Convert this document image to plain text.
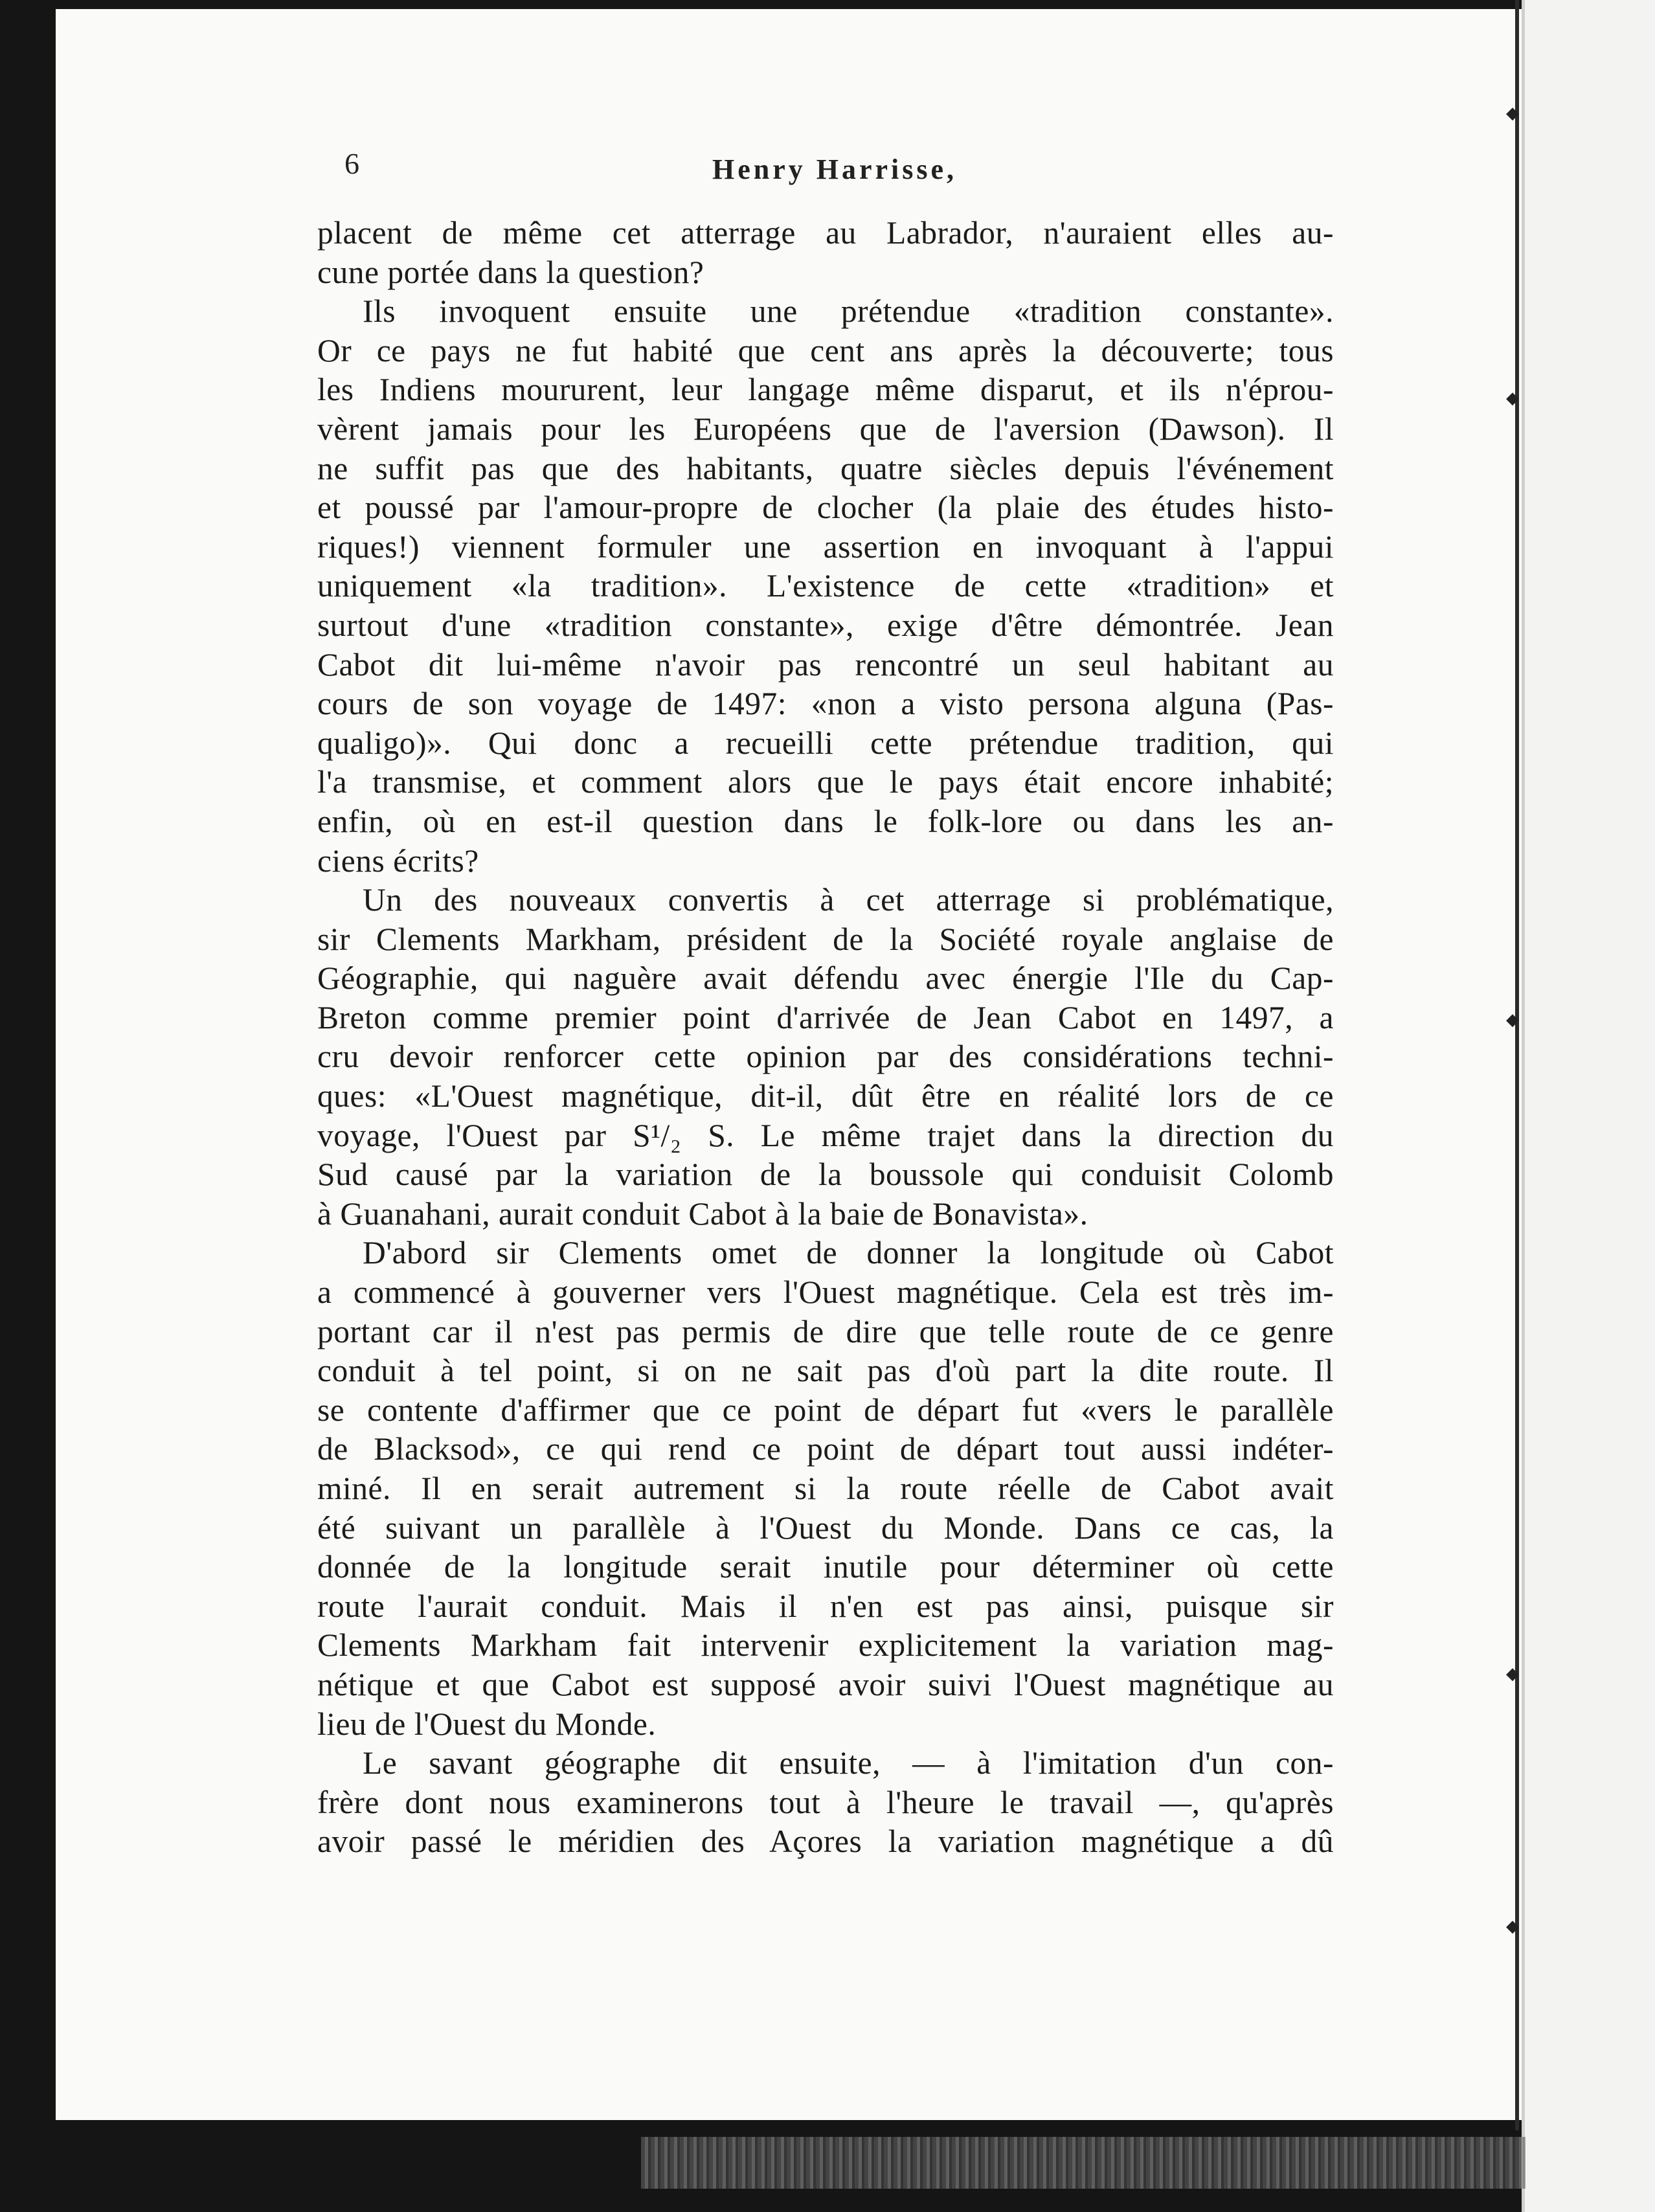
◆
◆
◆
◆
◆
6	Henry Harrisse,
placent de même cet atterrage au Labrador, n'auraient elles au-
cune portée dans la question?
Ils invoquent ensuite une prétendue «tradition constante».
Or ce pays ne fut habité que cent ans après la découverte; tous
les Indiens moururent, leur langage même disparut, et ils n'éprou-
vèrent jamais pour les Européens que de l'aversion (Dawson). Il
ne suffit pas que des habitants, quatre siècles depuis l'événement
et poussé par l'amour-propre de clocher (la plaie des études histo-
riques!) viennent formuler une assertion en invoquant à l'appui
uniquement «la tradition». L'existence de cette «tradition» et
surtout d'une «tradition constante», exige d'être démontrée. Jean
Cabot dit lui-même n'avoir pas rencontré un seul habitant au
cours de son voyage de 1497: «non a visto persona alguna (Pas-
qualigo)». Qui donc a recueilli cette prétendue tradition, qui
l'a transmise, et comment alors que le pays était encore inhabité;
enfin, où en est-il question dans le folk-lore ou dans les an-
ciens écrits?
Un des nouveaux convertis à cet atterrage si problématique,
sir Clements Markham, président de la Société royale anglaise de
Géographie, qui naguère avait défendu avec énergie l'Ile du Cap-
Breton comme premier point d'arrivée de Jean Cabot en 1497, a
cru devoir renforcer cette opinion par des considérations techni-
ques: «L'Ouest magnétique, dit-il, dût être en réalité lors de ce
voyage, l'Ouest par S¹/₂ S. Le même trajet dans la direction du
Sud causé par la variation de la boussole qui conduisit Colomb
à Guanahani, aurait conduit Cabot à la baie de Bonavista».
D'abord sir Clements omet de donner la longitude où Cabot
a commencé à gouverner vers l'Ouest magnétique. Cela est très im-
portant car il n'est pas permis de dire que telle route de ce genre
conduit à tel point, si on ne sait pas d'où part la dite route. Il
se contente d'affirmer que ce point de départ fut «vers le parallèle
de Blacksod», ce qui rend ce point de départ tout aussi indéter-
miné. Il en serait autrement si la route réelle de Cabot avait
été suivant un parallèle à l'Ouest du Monde. Dans ce cas, la
donnée de la longitude serait inutile pour déterminer où cette
route l'aurait conduit. Mais il n'en est pas ainsi, puisque sir
Clements Markham fait intervenir explicitement la variation mag-
nétique et que Cabot est supposé avoir suivi l'Ouest magnétique au
lieu de l'Ouest du Monde.
Le savant géographe dit ensuite, — à l'imitation d'un con-
frère dont nous examinerons tout à l'heure le travail —, qu'après
avoir passé le méridien des Açores la variation magnétique a dû
